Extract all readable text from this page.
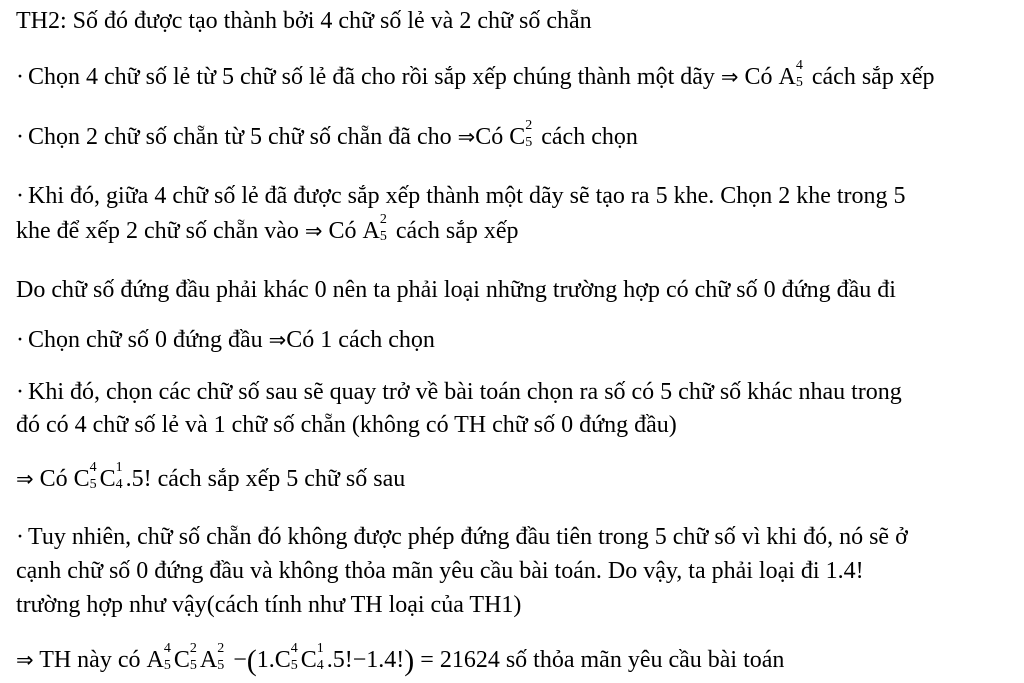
TH2: Số đó được tạo thành bởi 4 chữ số lẻ và 2 chữ số chẵn
· Chọn 4 chữ số lẻ từ 5 chữ số lẻ đã cho rồi sắp xếp chúng thành một dãy ⇒ Có A 4
5 cách sắp xếp
· Chọn 2 chữ số chẵn từ 5 chữ số chẵn đã cho ⇒Có C 2
5 cách chọn
· Khi đó, giữa 4 chữ số lẻ đã được sắp xếp thành một dãy sẽ tạo ra 5 khe. Chọn 2 khe trong 5
khe để xếp 2 chữ số chẵn vào ⇒ Có A 2
5 cách sắp xếp
Do chữ số đứng đầu phải khác 0 nên ta phải loại những trường hợp có chữ số 0 đứng đầu đi
· Chọn chữ số 0 đứng đầu ⇒Có 1 cách chọn
· Khi đó, chọn các chữ số sau sẽ quay trở về bài toán chọn ra số có 5 chữ số khác nhau trong
đó có 4 chữ số lẻ và 1 chữ số chẵn (không có TH chữ số 0 đứng đầu)
⇒ Có C 4
5 C 1
4 .5! cách sắp xếp 5 chữ số sau
· Tuy nhiên, chữ số chẵn đó không được phép đứng đầu tiên trong 5 chữ số vì khi đó, nó sẽ ở
cạnh chữ số 0 đứng đầu và không thỏa mãn yêu cầu bài toán. Do vậy, ta phải loại đi 1.4!
trường hợp như vậy(cách tính như TH loại của TH1)
⇒ TH này có A 4
5 C 2
5 A 2
5 −(1.C 4
5 C 1
4 .5!−1.4!) = 21624 số thỏa mãn yêu cầu bài toán
